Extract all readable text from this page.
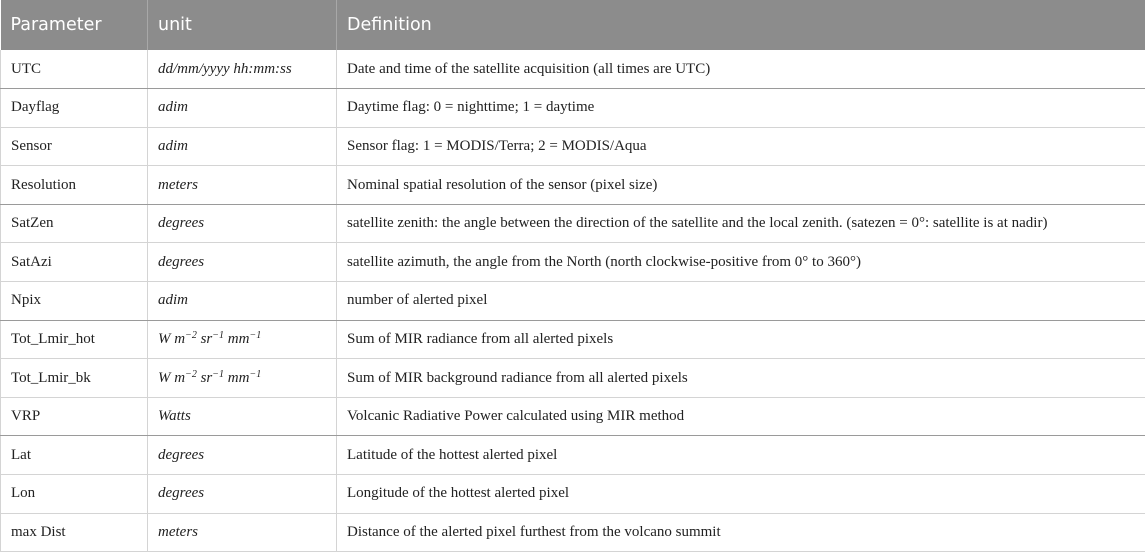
Parameter	unit	Definition
UTC	dd/mm/yyyy hh:mm:ss	Date and time of the satellite acquisition (all times are UTC)
Dayflag	adim	Daytime flag: 0 = nighttime; 1 = daytime
Sensor	adim	Sensor flag: 1 = MODIS/Terra; 2 = MODIS/Aqua
Resolution	meters	Nominal spatial resolution of the sensor (pixel size)
SatZen	degrees	satellite zenith: the angle between the direction of the satellite and the local zenith. (satezen = 0°: satellite is at nadir)
SatAzi	degrees	satellite azimuth, the angle from the North (north clockwise-positive from 0° to 360°)
Npix	adim	number of alerted pixel
Tot_Lmir_hot	W $m^{-2}$ $sr^{-1}$ $mm^{-1}$	Sum of MIR radiance from all alerted pixels
Tot_Lmir_bk	W $m^{-2}$ $sr^{-1}$ $mm^{-1}$	Sum of MIR background radiance from all alerted pixels
VRP	Watts	Volcanic Radiative Power calculated using MIR method
Lat	degrees	Latitude of the hottest alerted pixel
Lon	degrees	Longitude of the hottest alerted pixel
max Dist	meters	Distance of the alerted pixel furthest from the volcano summit
